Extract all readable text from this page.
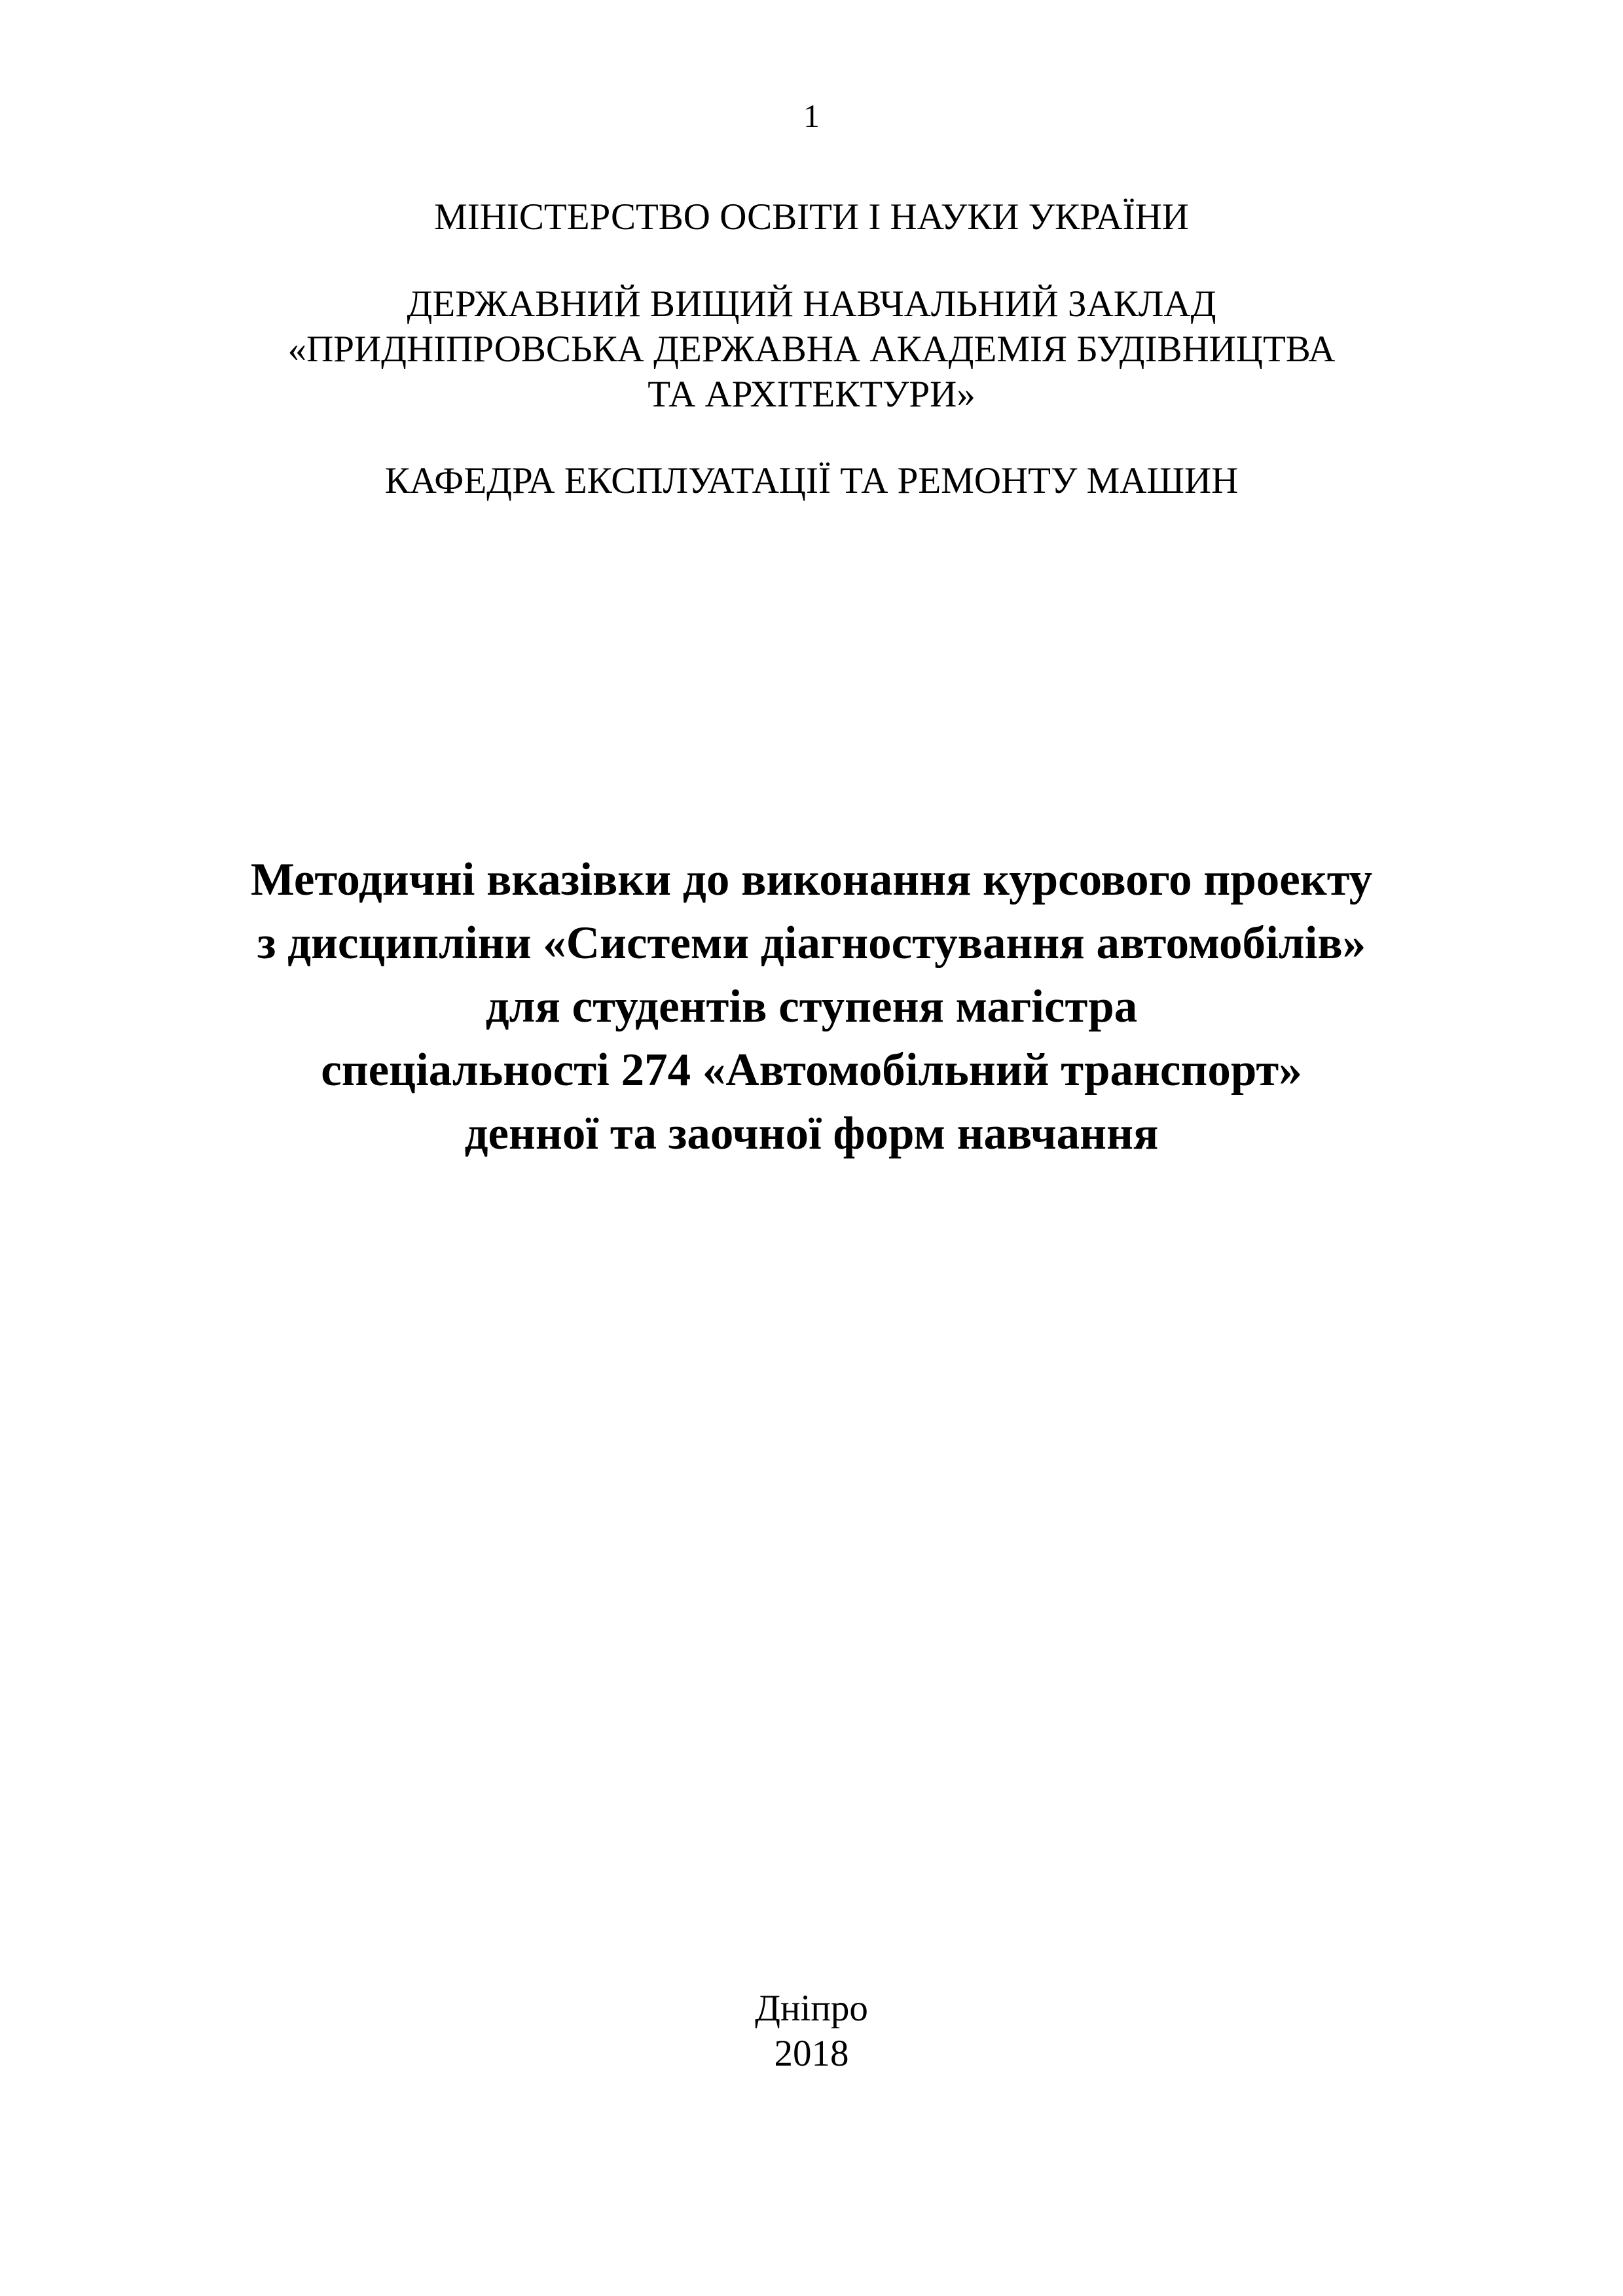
1
МІНІСТЕРСТВО ОСВІТИ І НАУКИ УКРАЇНИ
ДЕРЖАВНИЙ ВИЩИЙ НАВЧАЛЬНИЙ ЗАКЛАД
«ПРИДНІПРОВСЬКА ДЕРЖАВНА АКАДЕМІЯ БУДІВНИЦТВА
ТА АРХІТЕКТУРИ»
КАФЕДРА ЕКСПЛУАТАЦІЇ ТА РЕМОНТУ МАШИН
Методичні вказівки до виконання курсового проекту
з дисципліни «Системи діагностування автомобілів»
для студентів ступеня магістра
спеціальності 274 «Автомобільний транспорт»
денної та заочної форм навчання
Дніпро
2018
